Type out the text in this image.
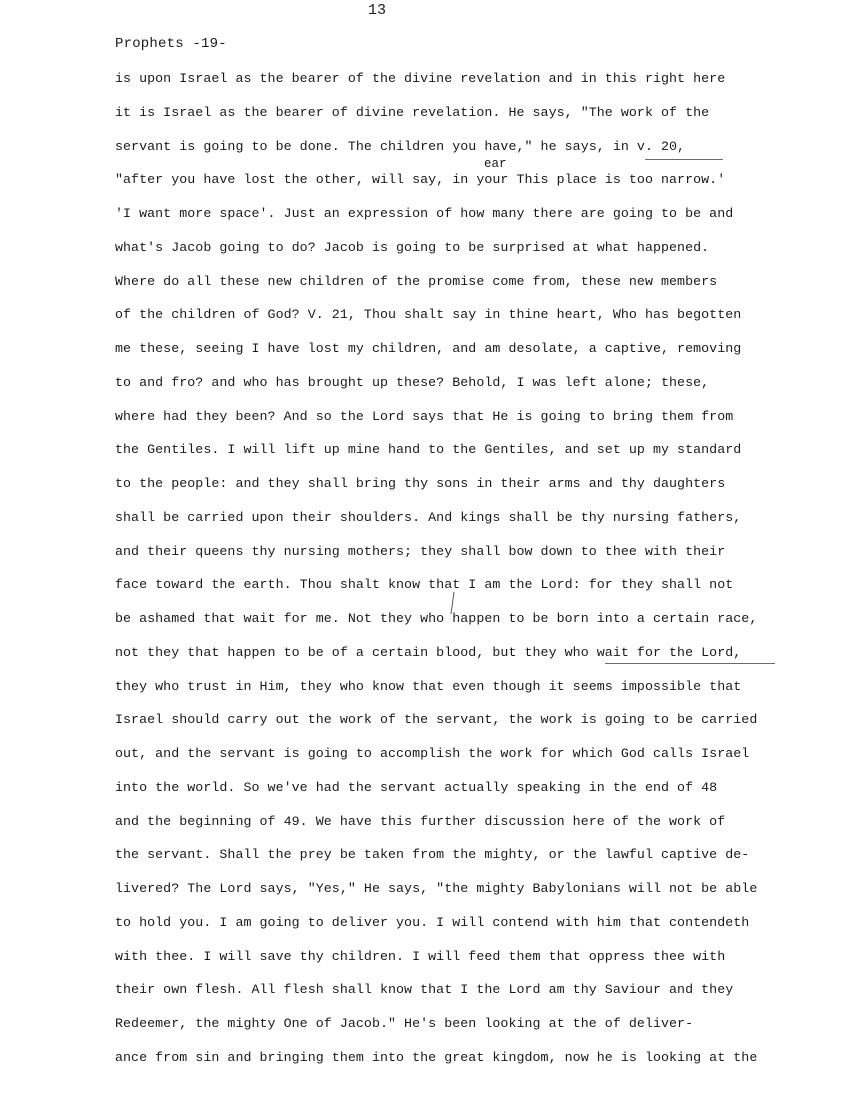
13
Prophets -19-
ear
is upon Israel as the bearer of the divine revelation and in this right here
it is Israel as the bearer of divine revelation. He says, "The work of the
servant is going to be done. The children you have," he says, in v. 20,
"after you have lost the other, will say, in your This place is too narrow.'
'I want more space'. Just an expression of how many there are going to be and
what's Jacob going to do? Jacob is going to be surprised at what happened.
Where do all these new children of the promise come from, these new members
of the children of God? V. 21, Thou shalt say in thine heart, Who has begotten
me these, seeing I have lost my children, and am desolate, a captive, removing
to and fro? and who has brought up these? Behold, I was left alone; these,
where had they been? And so the Lord says that He is going to bring them from
the Gentiles. I will lift up mine hand to the Gentiles, and set up my standard
to the people: and they shall bring thy sons in their arms and thy daughters
shall be carried upon their shoulders. And kings shall be thy nursing fathers,
and their queens thy nursing mothers; they shall bow down to thee with their
face toward the earth. Thou shalt know that I am the Lord: for they shall not
be ashamed that wait for me. Not they who happen to be born into a certain race,
not they that happen to be of a certain blood, but they who wait for the Lord,
they who trust in Him, they who know that even though it seems impossible that
Israel should carry out the work of the servant, the work is going to be carried
out, and the servant is going to accomplish the work for which God calls Israel
into the world. So we've had the servant actually speaking in the end of 48
and the beginning of 49. We have this further discussion here of the work of
the servant. Shall the prey be taken from the mighty, or the lawful captive de-
livered? The Lord says, "Yes," He says, "the mighty Babylonians will not be able
to hold you. I am going to deliver you. I will contend with him that contendeth
with thee. I will save thy children. I will feed them that oppress thee with
their own flesh. All flesh shall know that I the Lord am thy Saviour and they
Redeemer, the mighty One of Jacob." He's been looking at the of deliver-
ance from sin and bringing them into the great kingdom, now he is looking at the
